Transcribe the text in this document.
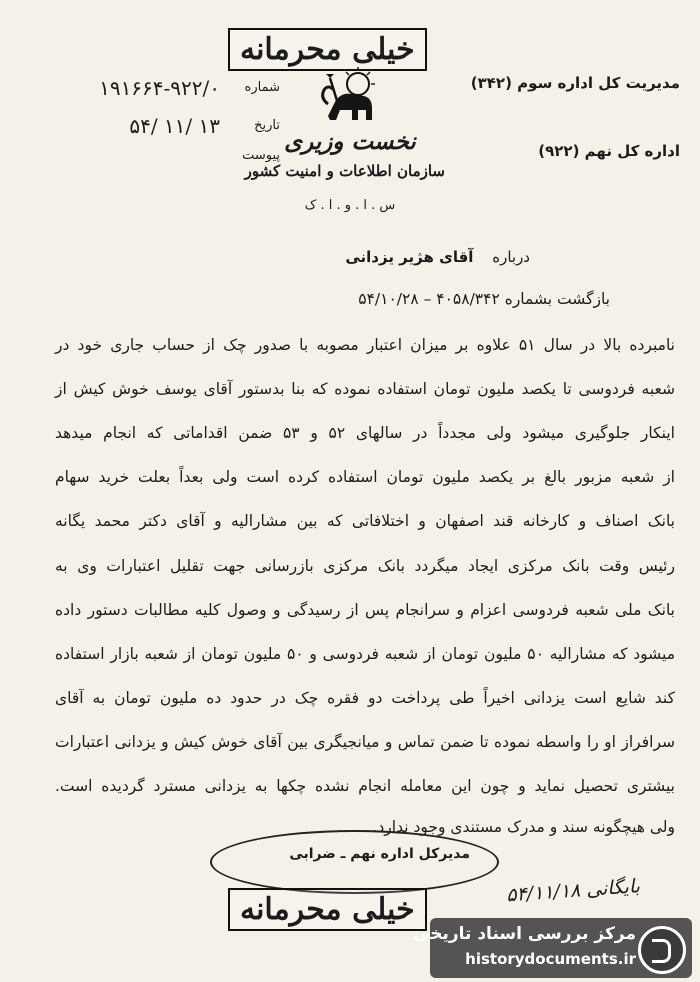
شماره
۱۹۱۶۶۴-۹۲۲/۰
تاریخ
۱۳ /۱۱ /۵۴
پیوست
خیلی محرمانه
نخست وزیری
سازمان اطلاعات و امنیت کشور
س . ا . و . ا . ک
مدیریت کل اداره سوم (۳۴۲)
اداره کل نهم (۹۲۲)
درباره آقای هژیر یزدانی
بازگشت بشماره ۴۰۵۸/۳۴۲ – ۵۴/۱۰/۲۸
نامبرده بالا در سال ۵۱ علاوه بر میزان اعتبار مصوبه با صدور چک از حساب جاری خود در
شعبه فردوسی تا یکصد ملیون تومان استفاده نموده که بنا بدستور آقای یوسف خوش کیش از
اینکار جلوگیری میشود ولی مجدداً در سالهای ۵۲ و ۵۳ ضمن اقداماتی که انجام میدهد
از شعبه مزبور بالغ بر یکصد ملیون تومان استفاده کرده است ولی بعداً بعلت خرید سهام
بانک اصناف و کارخانه قند اصفهان و اختلافاتی که بین مشارالیه و آقای دکتر محمد یگانه
رئیس وقت بانک مرکزی ایجاد میگردد بانک مرکزی بازرسانی جهت تقلیل اعتبارات وی به
بانک ملی شعبه فردوسی اعزام و سرانجام پس از رسیدگی و وصول کلیه مطالبات دستور داده
میشود که مشارالیه ۵۰ ملیون تومان از شعبه فردوسی و ۵۰ ملیون تومان از شعبه بازار استفاده
کند شایع است یزدانی اخیراً طی پرداخت دو فقره چک در حدود ده ملیون تومان به آقای
سرافراز او را واسطه نموده تا ضمن تماس و میانجیگری بین آقای خوش کیش و یزدانی اعتبارات
بیشتری تحصیل نماید و چون این معامله انجام نشده چکها به یزدانی مسترد گردیده است.
ولی هیچگونه سند و مدرک مستندی وجود ندارد.
مدیرکل اداره نهم ـ ضرابی
بایگانی ۵۴/۱۱/۱۸
خیلی محرمانه
مرکز بررسی اسناد تاریخی
historydocuments.ir
